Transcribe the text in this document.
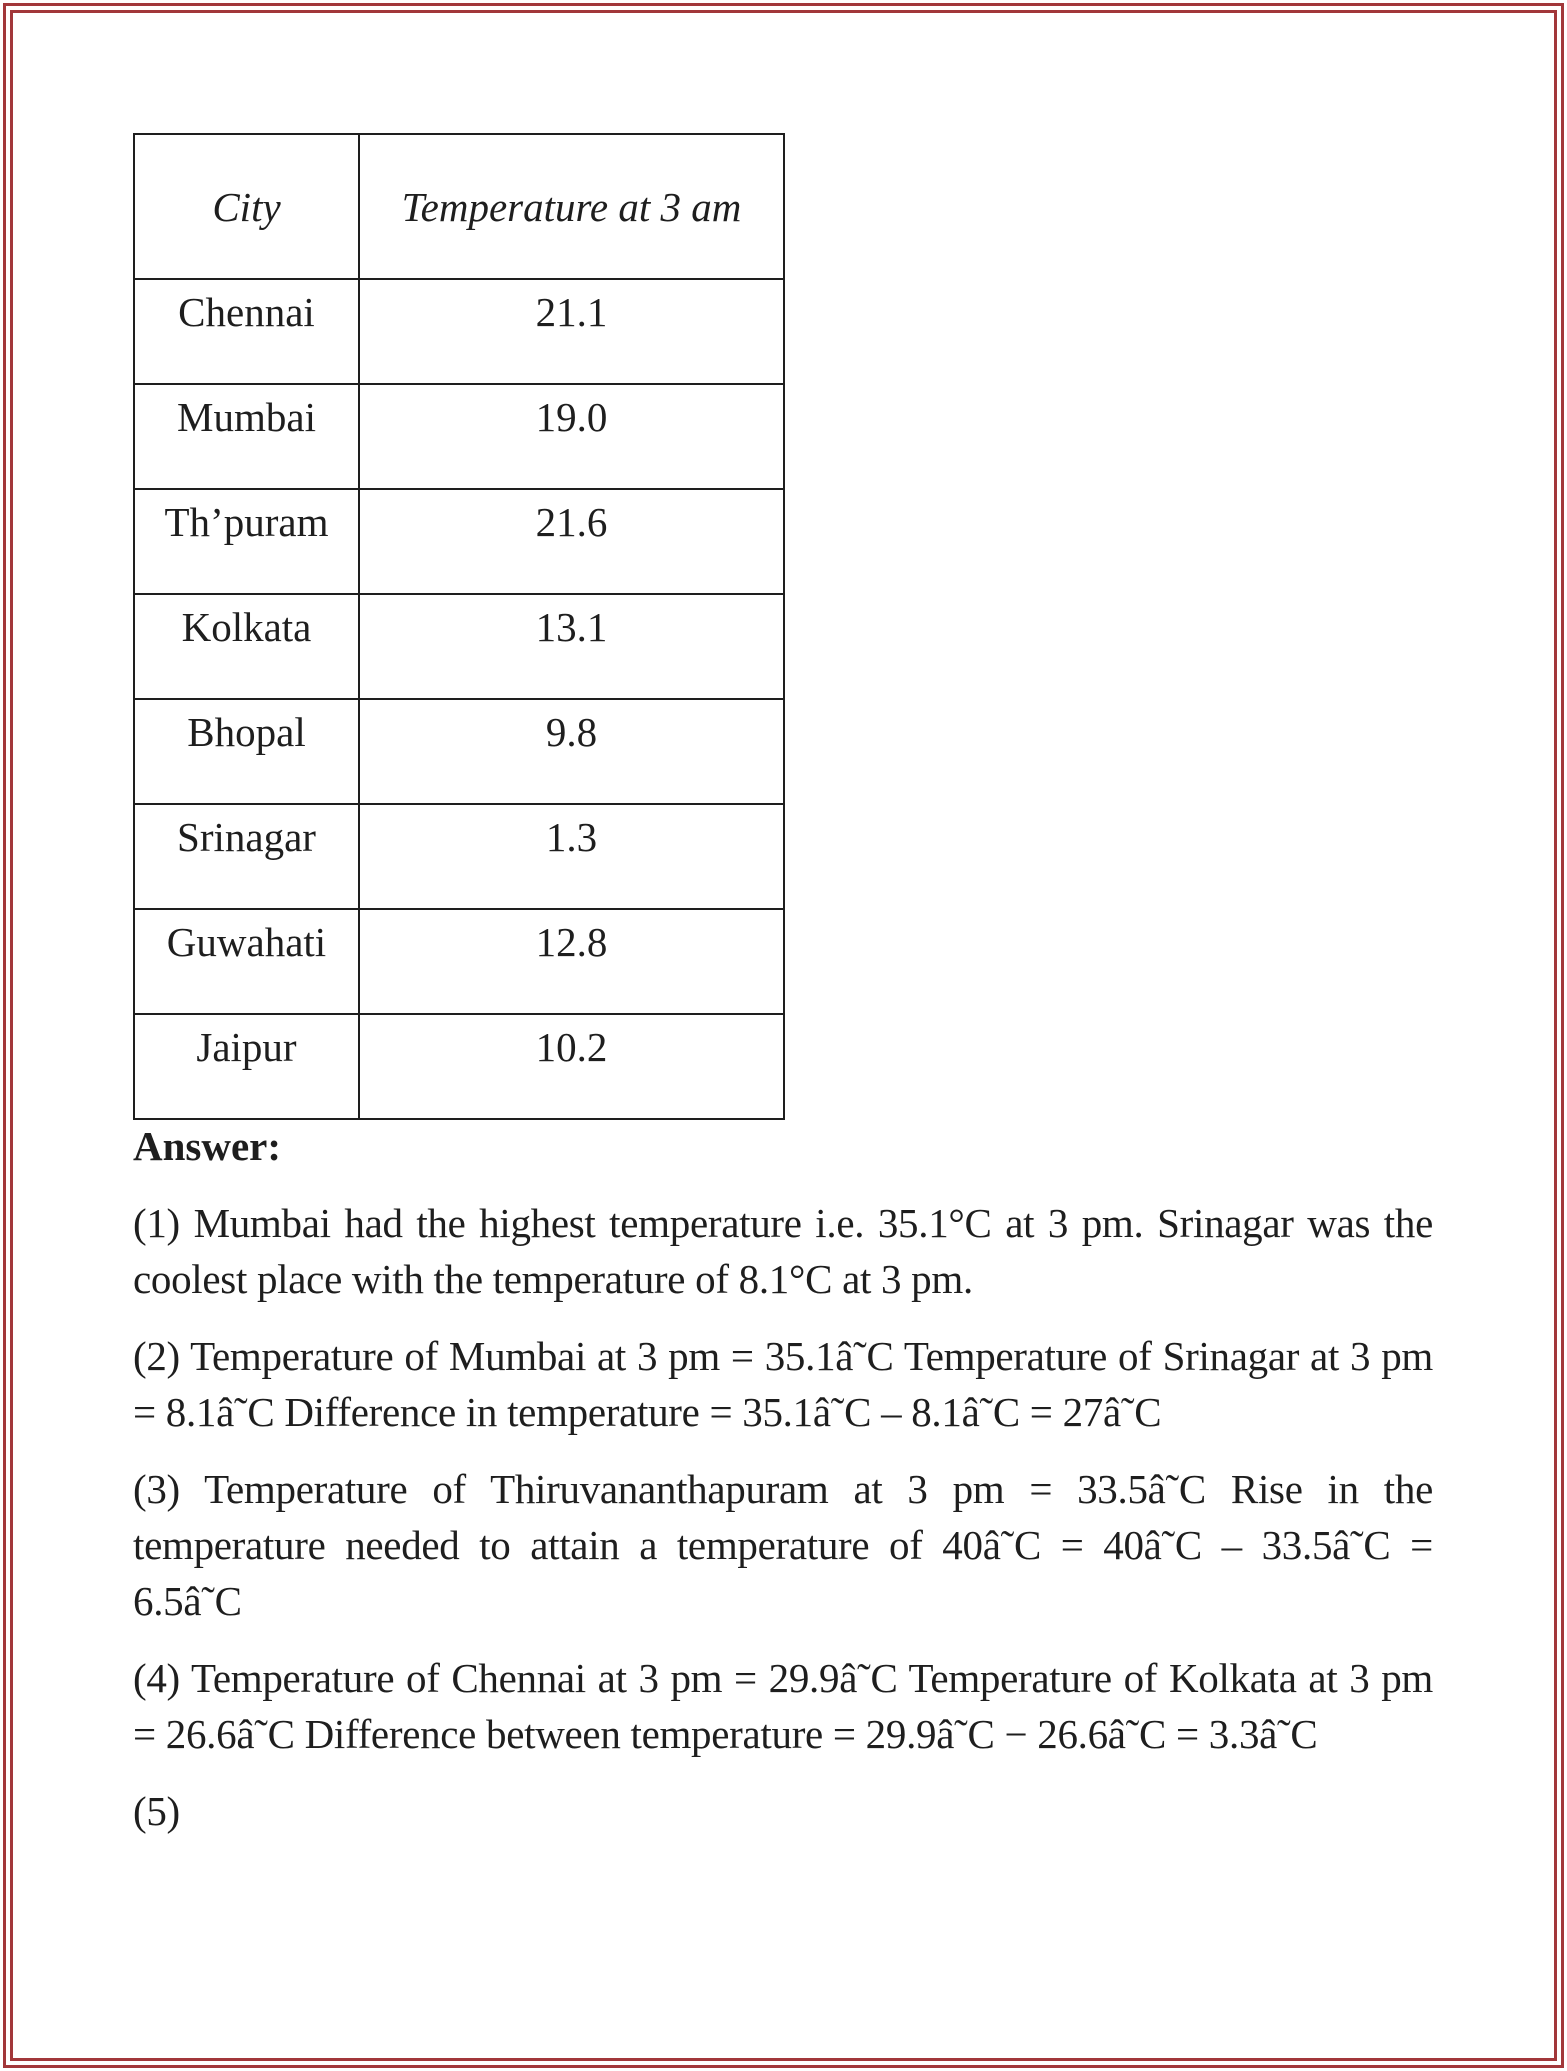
City	Temperature at 3 am
Chennai	21.1
Mumbai	19.0
Th’puram	21.6
Kolkata	13.1
Bhopal	9.8
Srinagar	1.3
Guwahati	12.8
Jaipur	10.2
Answer:

(1) Mumbai had the highest temperature i.e. 35.1°C at 3 pm. Srinagar was the coolest place with the temperature of 8.1°C at 3 pm.

(2) Temperature of Mumbai at 3 pm = 35.1â˜C Temperature of Srinagar at 3 pm = 8.1â˜C Difference in temperature = 35.1â˜C – 8.1â˜C = 27â˜C

(3) Temperature of Thiruvananthapuram at 3 pm = 33.5â˜C Rise in the temperature needed to attain a temperature of 40â˜C = 40â˜C – 33.5â˜C = 6.5â˜C

(4) Temperature of Chennai at 3 pm = 29.9â˜C Temperature of Kolkata at 3 pm = 26.6â˜C Difference between temperature = 29.9â˜C − 26.6â˜C = 3.3â˜C

(5)
